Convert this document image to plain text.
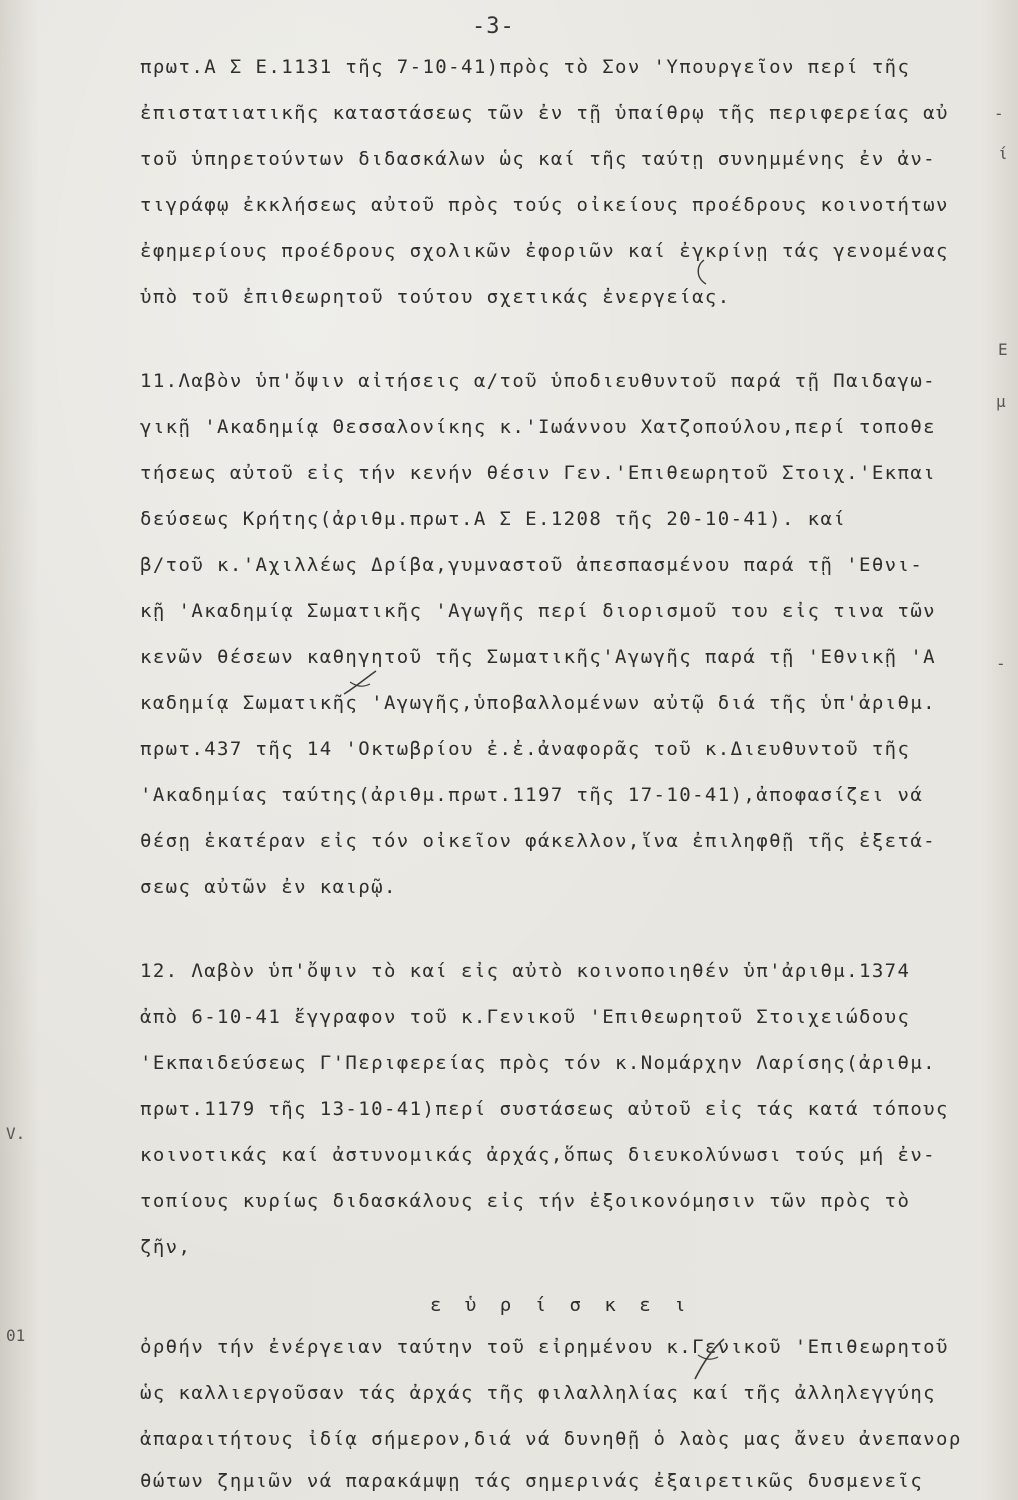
-3-
πρωτ.Α Σ Ε.1131 τῆς 7-10-41)πρὸς τὸ Σον 'Υπουργεῖον περί τῆς
ἐπιστατιατικῆς καταστάσεως τῶν ἐν τῇ ὑπαίθρῳ τῆς περιφερείας αὐ
τοῦ ὑπηρετούντων διδασκάλων ὡς καί τῆς ταύτῃ συνημμένης ἐν ἀν-
τιγράφῳ ἐκκλήσεως αὐτοῦ πρὸς τούς οἰκείους προέδρους κοινοτήτων
ἐφημερίους προέδρους σχολικῶν ἐφοριῶν καί ἐγκρίνῃ τάς γενομένας
ὑπὸ τοῦ ἐπιθεωρητοῦ τούτου σχετικάς ἐνεργείας.
11.Λαβὸν ὑπ'ὄψιν αἰτήσεις α/τοῦ ὑποδιευθυντοῦ παρά τῇ Παιδαγω-
γικῇ 'Ακαδημίᾳ Θεσσαλονίκης κ.'Ιωάννου Χατζοπούλου,περί τοποθε
τήσεως αὐτοῦ εἰς τήν κενήν θέσιν Γεν.'Επιθεωρητοῦ Στοιχ.'Εκπαι
δεύσεως Κρήτης(ἀριθμ.πρωτ.Α Σ Ε.1208 τῆς 20-10-41). καί
β/τοῦ κ.'Αχιλλέως Δρίβα,γυμναστοῦ ἀπεσπασμένου παρά τῇ 'Εθνι-
κῇ 'Ακαδημίᾳ Σωματικῆς 'Αγωγῆς περί διορισμοῦ του εἰς τινα τῶν
κενῶν θέσεων καθηγητοῦ τῆς Σωματικῆς'Αγωγῆς παρά τῇ 'Εθνικῇ 'Α
καδημίᾳ Σωματικῆς 'Αγωγῆς,ὑποβαλλομένων αὐτῷ διά τῆς ὑπ'ἀριθμ.
πρωτ.437 τῆς 14 'Οκτωβρίου ἐ.ἐ.ἀναφορᾶς τοῦ κ.Διευθυντοῦ τῆς
'Ακαδημίας ταύτης(ἀριθμ.πρωτ.1197 τῆς 17-10-41),ἀποφασίζει νά
θέσῃ ἑκατέραν εἰς τόν οἰκεῖον φάκελλον,ἵνα ἐπιληφθῇ τῆς ἐξετά-
σεως αὐτῶν ἐν καιρῷ.
12. Λαβὸν ὑπ'ὄψιν τὸ καί εἰς αὐτὸ κοινοποιηθέν ὑπ'ἀριθμ.1374
ἀπὸ 6-10-41 ἔγγραφον τοῦ κ.Γενικοῦ 'Επιθεωρητοῦ Στοιχειώδους
'Εκπαιδεύσεως Γ'Περιφερείας πρὸς τόν κ.Νομάρχην Λαρίσης(ἀριθμ.
πρωτ.1179 τῆς 13-10-41)περί συστάσεως αὐτοῦ εἰς τάς κατά τόπους
κοινοτικάς καί ἀστυνομικάς ἀρχάς,ὅπως διευκολύνωσι τούς μή ἐν-
τοπίους κυρίως διδασκάλους εἰς τήν ἐξοικονόμησιν τῶν πρὸς τὸ
ζῆν,
ε ὑ ρ ί σ κ ε ι
ὀρθήν τήν ἐνέργειαν ταύτην τοῦ εἰρημένου κ.Γενικοῦ 'Επιθεωρητοῦ
ὡς καλλιεργοῦσαν τάς ἀρχάς τῆς φιλαλληλίας καί τῆς ἀλληλεγγύης
ἀπαραιτήτους ἰδίᾳ σήμερον,διά νά δυνηθῇ ὁ λαὸς μας ἄνευ ἀνεπανορ
θώτων ζημιῶν νά παρακάμψῃ τάς σημερινάς ἐξαιρετικῶς δυσμενεῖς
-
ί
Ε
μ
-
V.
01
